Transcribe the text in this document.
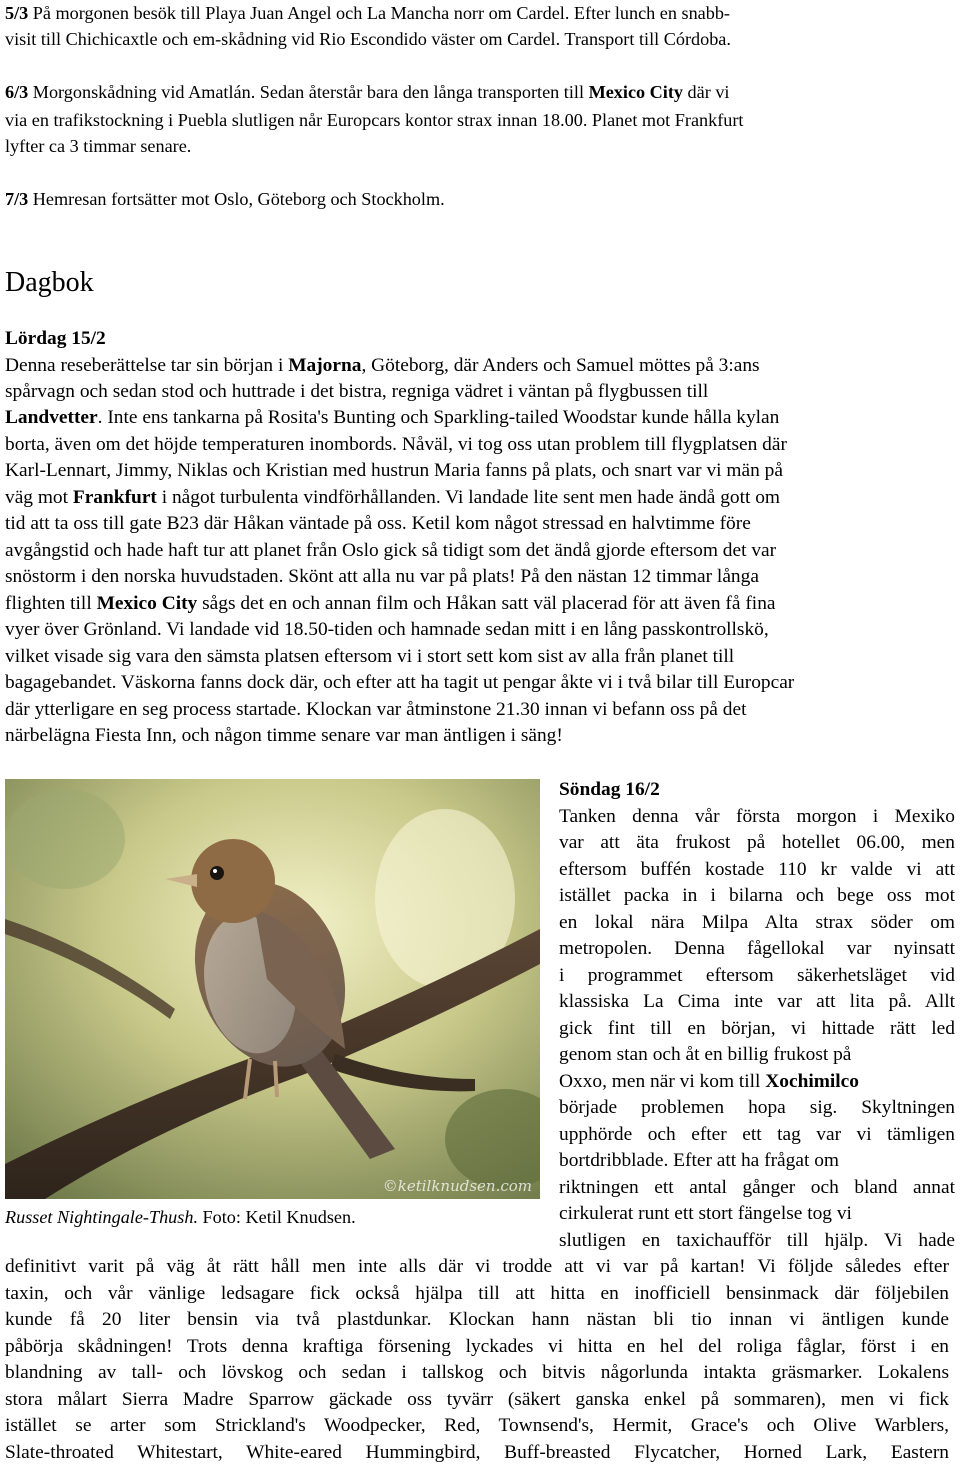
5/3 På morgonen besök till Playa Juan Angel och La Mancha norr om Cardel. Efter lunch en snabb-
visit till Chichicaxtle och em-skådning vid Rio Escondido väster om Cardel. Transport till Córdoba.
6/3 Morgonskådning vid Amatlán. Sedan återstår bara den långa transporten till Mexico City där vi
via en trafikstockning i Puebla slutligen når Europcars kontor strax innan 18.00. Planet mot Frankfurt
lyfter ca 3 timmar senare.
7/3 Hemresan fortsätter mot Oslo, Göteborg och Stockholm.
Dagbok
Lördag 15/2
Denna reseberättelse tar sin början i Majorna, Göteborg, där Anders och Samuel möttes på 3:ans
spårvagn och sedan stod och huttrade i det bistra, regniga vädret i väntan på flygbussen till
Landvetter. Inte ens tankarna på Rosita's Bunting och Sparkling-tailed Woodstar kunde hålla kylan
borta, även om det höjde temperaturen inombords. Nåväl, vi tog oss utan problem till flygplatsen där
Karl-Lennart, Jimmy, Niklas och Kristian med hustrun Maria fanns på plats, och snart var vi män på
väg mot Frankfurt i något turbulenta vindförhållanden. Vi landade lite sent men hade ändå gott om
tid att ta oss till gate B23 där Håkan väntade på oss. Ketil kom något stressad en halvtimme före
avgångstid och hade haft tur att planet från Oslo gick så tidigt som det ändå gjorde eftersom det var
snöstorm i den norska huvudstaden. Skönt att alla nu var på plats! På den nästan 12 timmar långa
flighten till Mexico City sågs det en och annan film och Håkan satt väl placerad för att även få fina
vyer över Grönland. Vi landade vid 18.50-tiden och hamnade sedan mitt i en lång passkontrollskö,
vilket visade sig vara den sämsta platsen eftersom vi i stort sett kom sist av alla från planet till
bagagebandet. Väskorna fanns dock där, och efter att ha tagit ut pengar åkte vi i två bilar till Europcar
där ytterligare en seg process startade. Klockan var åtminstone 21.30 innan vi befann oss på det
närbelägna Fiesta Inn, och någon timme senare var man äntligen i säng!
©ketilknudsen.com
Russet Nightingale-Thush. Foto: Ketil Knudsen.
Söndag 16/2
Tanken denna vår första morgon i Mexiko
var att äta frukost på hotellet 06.00, men
eftersom buffén kostade 110 kr valde vi att
istället packa in i bilarna och bege oss mot
en lokal nära Milpa Alta strax söder om
metropolen. Denna fågellokal var nyinsatt
i programmet eftersom säkerhetsläget vid
klassiska La Cima inte var att lita på. Allt
gick fint till en början, vi hittade rätt led
genom stan och åt en billig frukost på
Oxxo, men när vi kom till Xochimilco
började problemen hopa sig. Skyltningen
upphörde och efter ett tag var vi tämligen
bortdribblade. Efter att ha frågat om
riktningen ett antal gånger och bland annat
cirkulerat runt ett stort fängelse tog vi
slutligen en taxichaufför till hjälp. Vi hade
definitivt varit på väg åt rätt håll men inte alls där vi trodde att vi var på kartan! Vi följde således efter
taxin, och vår vänlige ledsagare fick också hjälpa till att hitta en inofficiell bensinmack där följebilen
kunde få 20 liter bensin via två plastdunkar. Klockan hann nästan bli tio innan vi äntligen kunde
påbörja skådningen! Trots denna kraftiga försening lyckades vi hitta en hel del roliga fåglar, först i en
blandning av tall- och lövskog och sedan i tallskog och bitvis någorlunda intakta gräsmarker. Lokalens
stora målart Sierra Madre Sparrow gäckade oss tyvärr (säkert ganska enkel på sommaren), men vi fick
istället se arter som Strickland's Woodpecker, Red, Townsend's, Hermit, Grace's och Olive Warblers,
Slate-throated Whitestart, White-eared Hummingbird, Buff-breasted Flycatcher, Horned Lark, Eastern
